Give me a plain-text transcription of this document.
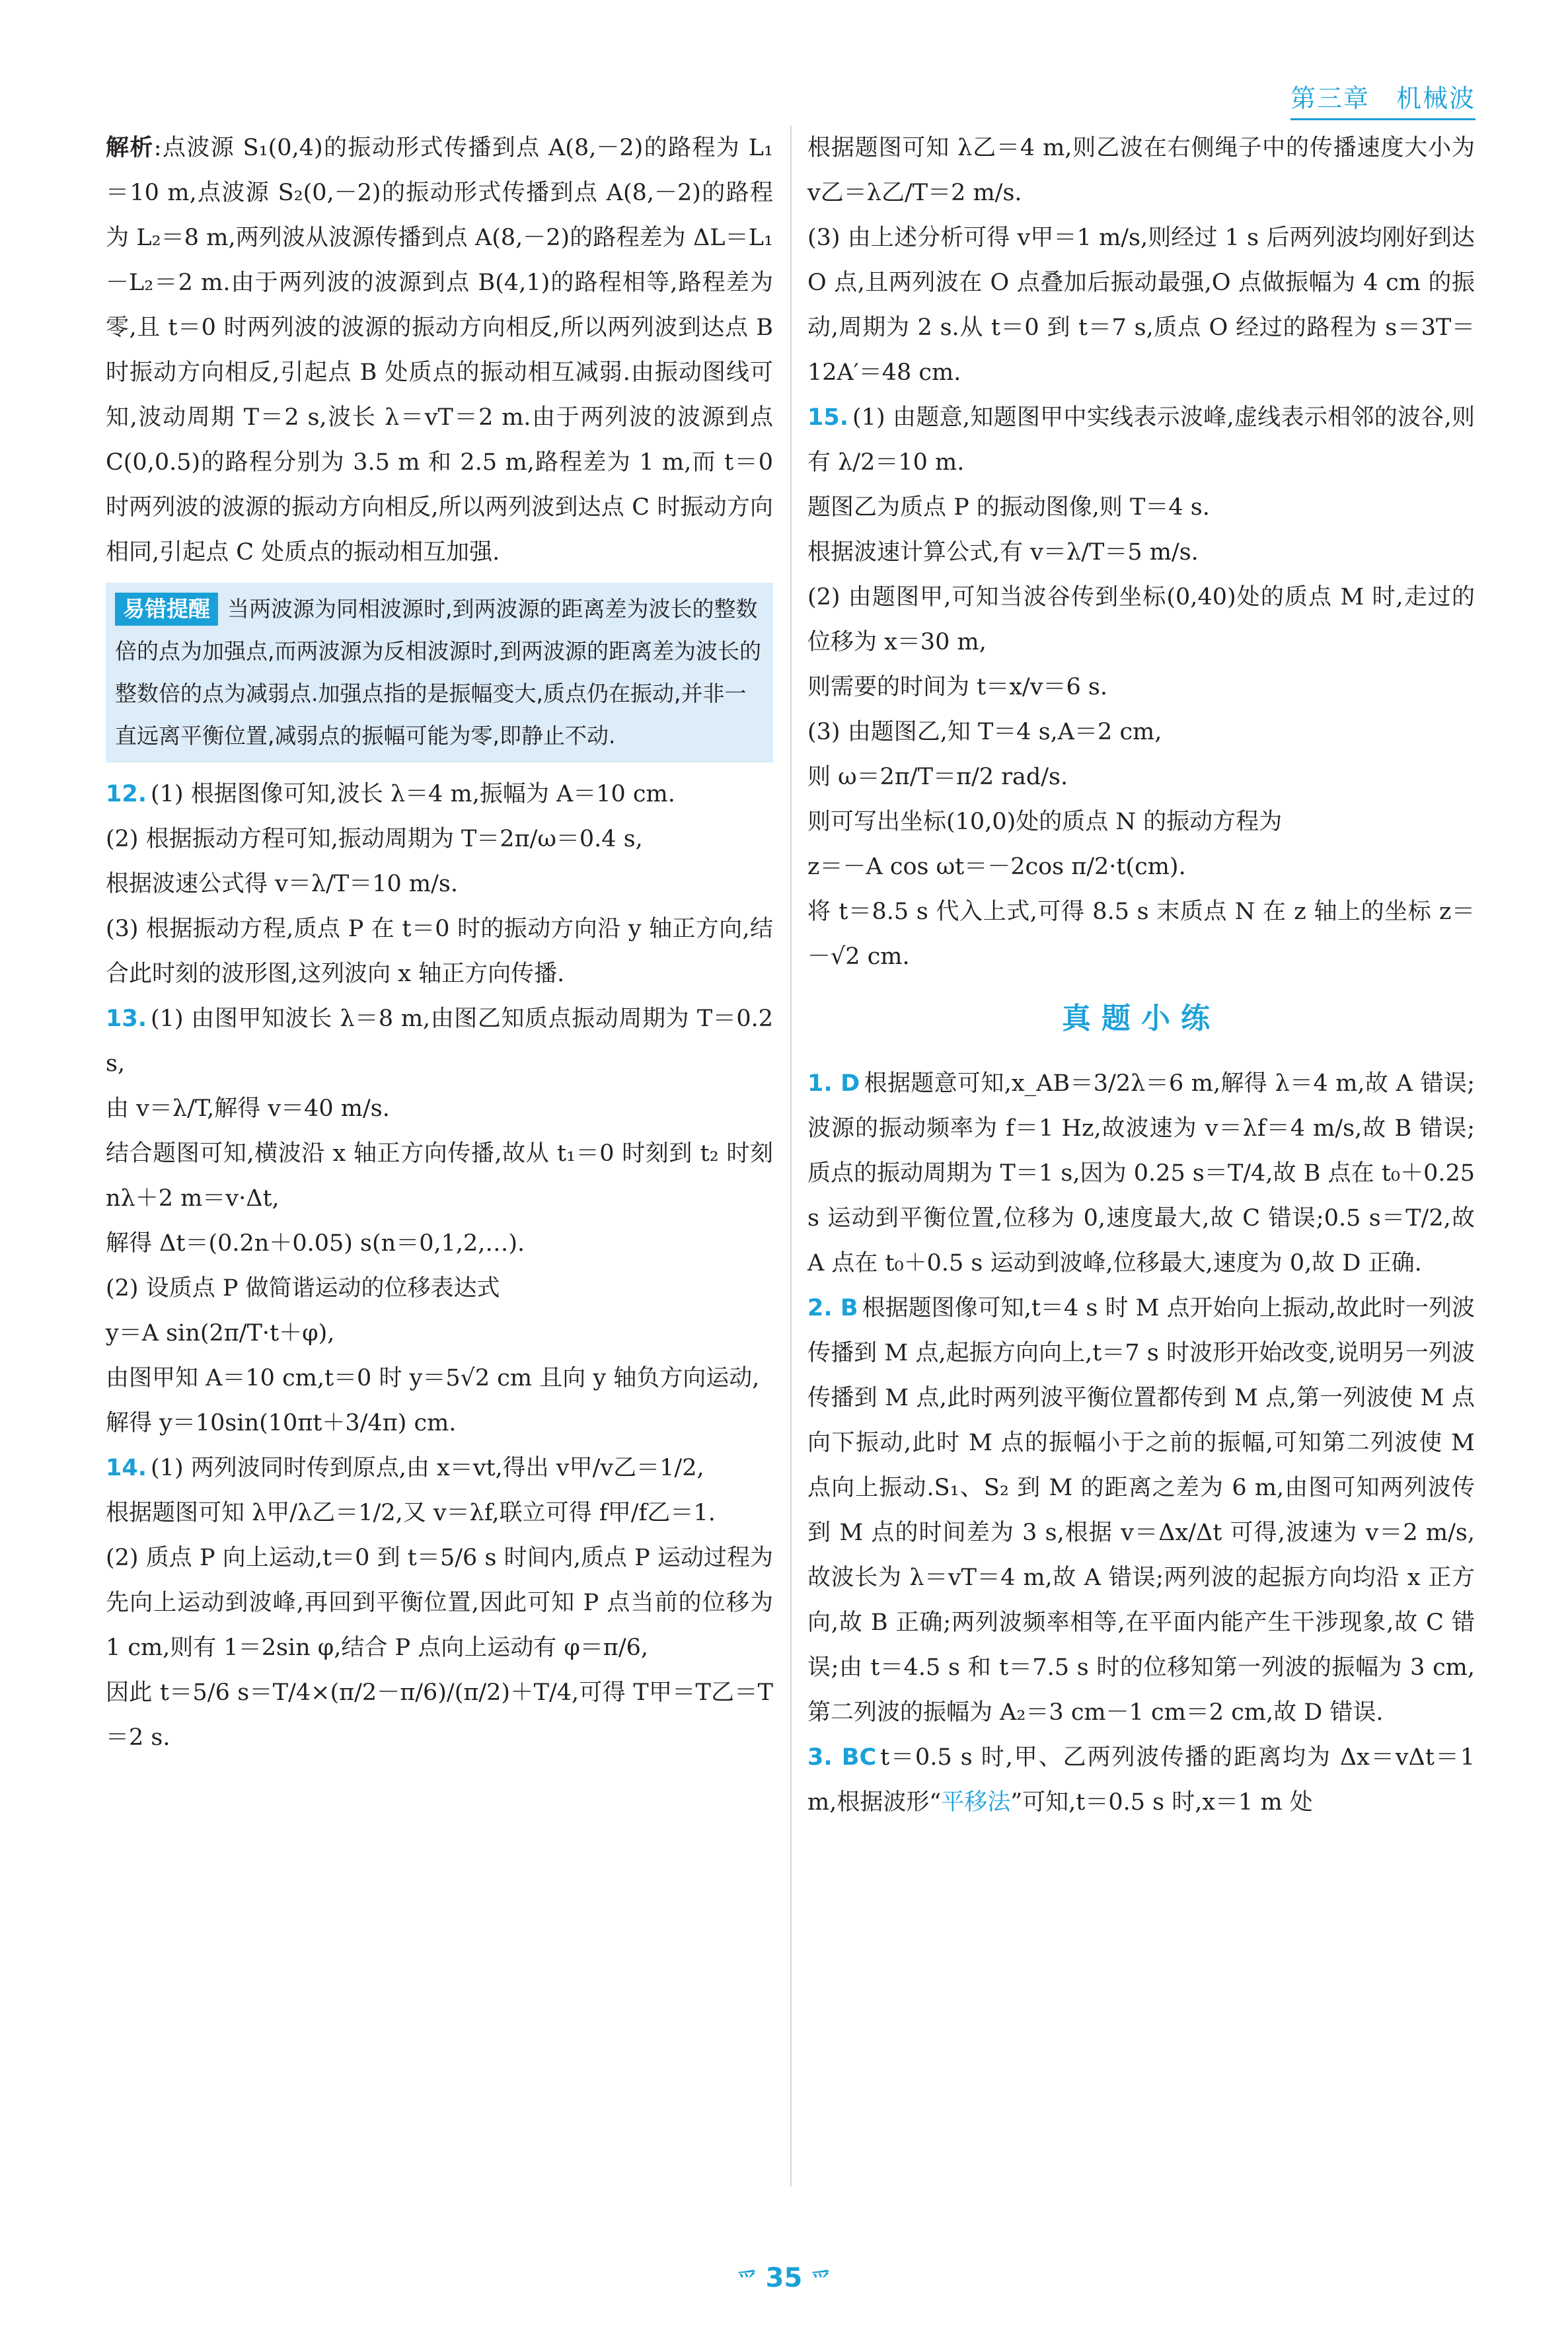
第三章　机械波

解析:点波源 S₁(0,4)的振动形式传播到点 A(8,－2)的路程为 L₁＝10 m,点波源 S₂(0,－2)的振动形式传播到点 A(8,－2)的路程为 L₂＝8 m,两列波从波源传播到点 A(8,－2)的路程差为 ΔL＝L₁－L₂＝2 m.由于两列波的波源到点 B(4,1)的路程相等,路程差为零,且 t＝0 时两列波的波源的振动方向相反,所以两列波到达点 B 时振动方向相反,引起点 B 处质点的振动相互减弱.由振动图线可知,波动周期 T＝2 s,波长 λ＝vT＝2 m.由于两列波的波源到点 C(0,0.5)的路程分别为 3.5 m 和 2.5 m,路程差为 1 m,而 t＝0 时两列波的波源的振动方向相反,所以两列波到达点 C 时振动方向相同,引起点 C 处质点的振动相互加强.

易错提醒 当两波源为同相波源时,到两波源的距离差为波长的整数倍的点为加强点,而两波源为反相波源时,到两波源的距离差为波长的整数倍的点为减弱点.加强点指的是振幅变大,质点仍在振动,并非一直远离平衡位置,减弱点的振幅可能为零,即静止不动.

12. (1) 根据图像可知,波长 λ＝4 m,振幅为 A＝10 cm.

(2) 根据振动方程可知,振动周期为 T＝2π/ω＝0.4 s,

根据波速公式得 v＝λ/T＝10 m/s.

(3) 根据振动方程,质点 P 在 t＝0 时的振动方向沿 y 轴正方向,结合此时刻的波形图,这列波向 x 轴正方向传播.

13. (1) 由图甲知波长 λ＝8 m,由图乙知质点振动周期为 T＝0.2 s,

由 v＝λ/T,解得 v＝40 m/s.

结合题图可知,横波沿 x 轴正方向传播,故从 t₁＝0 时刻到 t₂ 时刻 nλ＋2 m＝v·Δt,

解得 Δt＝(0.2n＋0.05) s(n＝0,1,2,…).

(2) 设质点 P 做简谐运动的位移表达式

y＝A sin(2π/T·t＋φ),

由图甲知 A＝10 cm,t＝0 时 y＝5√2 cm 且向 y 轴负方向运动,

解得 y＝10sin(10πt＋3/4π) cm.

14. (1) 两列波同时传到原点,由 x＝vt,得出 v甲/v乙＝1/2,

根据题图可知 λ甲/λ乙＝1/2,又 v＝λf,联立可得 f甲/f乙＝1.

(2) 质点 P 向上运动,t＝0 到 t＝5/6 s 时间内,质点 P 运动过程为先向上运动到波峰,再回到平衡位置,因此可知 P 点当前的位移为 1 cm,则有 1＝2sin φ,结合 P 点向上运动有 φ＝π/6,

因此 t＝5/6 s＝T/4×(π/2－π/6)/(π/2)＋T/4,可得 T甲＝T乙＝T＝2 s.

根据题图可知 λ乙＝4 m,则乙波在右侧绳子中的传播速度大小为 v乙＝λ乙/T＝2 m/s.

(3) 由上述分析可得 v甲＝1 m/s,则经过 1 s 后两列波均刚好到达 O 点,且两列波在 O 点叠加后振动最强,O 点做振幅为 4 cm 的振动,周期为 2 s.从 t＝0 到 t＝7 s,质点 O 经过的路程为 s＝3T＝12A′＝48 cm.

15. (1) 由题意,知题图甲中实线表示波峰,虚线表示相邻的波谷,则有 λ/2＝10 m.

题图乙为质点 P 的振动图像,则 T＝4 s.

根据波速计算公式,有 v＝λ/T＝5 m/s.

(2) 由题图甲,可知当波谷传到坐标(0,40)处的质点 M 时,走过的位移为 x＝30 m,

则需要的时间为 t＝x/v＝6 s.

(3) 由题图乙,知 T＝4 s,A＝2 cm,

则 ω＝2π/T＝π/2 rad/s.

则可写出坐标(10,0)处的质点 N 的振动方程为

z＝－A cos ωt＝－2cos π/2·t(cm).

将 t＝8.5 s 代入上式,可得 8.5 s 末质点 N 在 z 轴上的坐标 z＝－√2 cm.

真题小练

1. D 根据题意可知,x_AB＝3/2λ＝6 m,解得 λ＝4 m,故 A 错误;波源的振动频率为 f＝1 Hz,故波速为 v＝λf＝4 m/s,故 B 错误;质点的振动周期为 T＝1 s,因为 0.25 s＝T/4,故 B 点在 t₀＋0.25 s 运动到平衡位置,位移为 0,速度最大,故 C 错误;0.5 s＝T/2,故 A 点在 t₀＋0.5 s 运动到波峰,位移最大,速度为 0,故 D 正确.

2. B 根据题图像可知,t＝4 s 时 M 点开始向上振动,故此时一列波传播到 M 点,起振方向向上,t＝7 s 时波形开始改变,说明另一列波传播到 M 点,此时两列波平衡位置都传到 M 点,第一列波使 M 点向下振动,此时 M 点的振幅小于之前的振幅,可知第二列波使 M 点向上振动.S₁、S₂ 到 M 的距离之差为 6 m,由图可知两列波传到 M 点的时间差为 3 s,根据 v＝Δx/Δt 可得,波速为 v＝2 m/s,故波长为 λ＝vT＝4 m,故 A 错误;两列波的起振方向均沿 x 正方向,故 B 正确;两列波频率相等,在平面内能产生干涉现象,故 C 错误;由 t＝4.5 s 和 t＝7.5 s 时的位移知第一列波的振幅为 3 cm,第二列波的振幅为 A₂＝3 cm－1 cm＝2 cm,故 D 错误.

3. BC t＝0.5 s 时,甲、乙两列波传播的距离均为 Δx＝vΔt＝1 m,根据波形“平移法”可知,t＝0.5 s 时,x＝1 m 处

爫 35 爫
